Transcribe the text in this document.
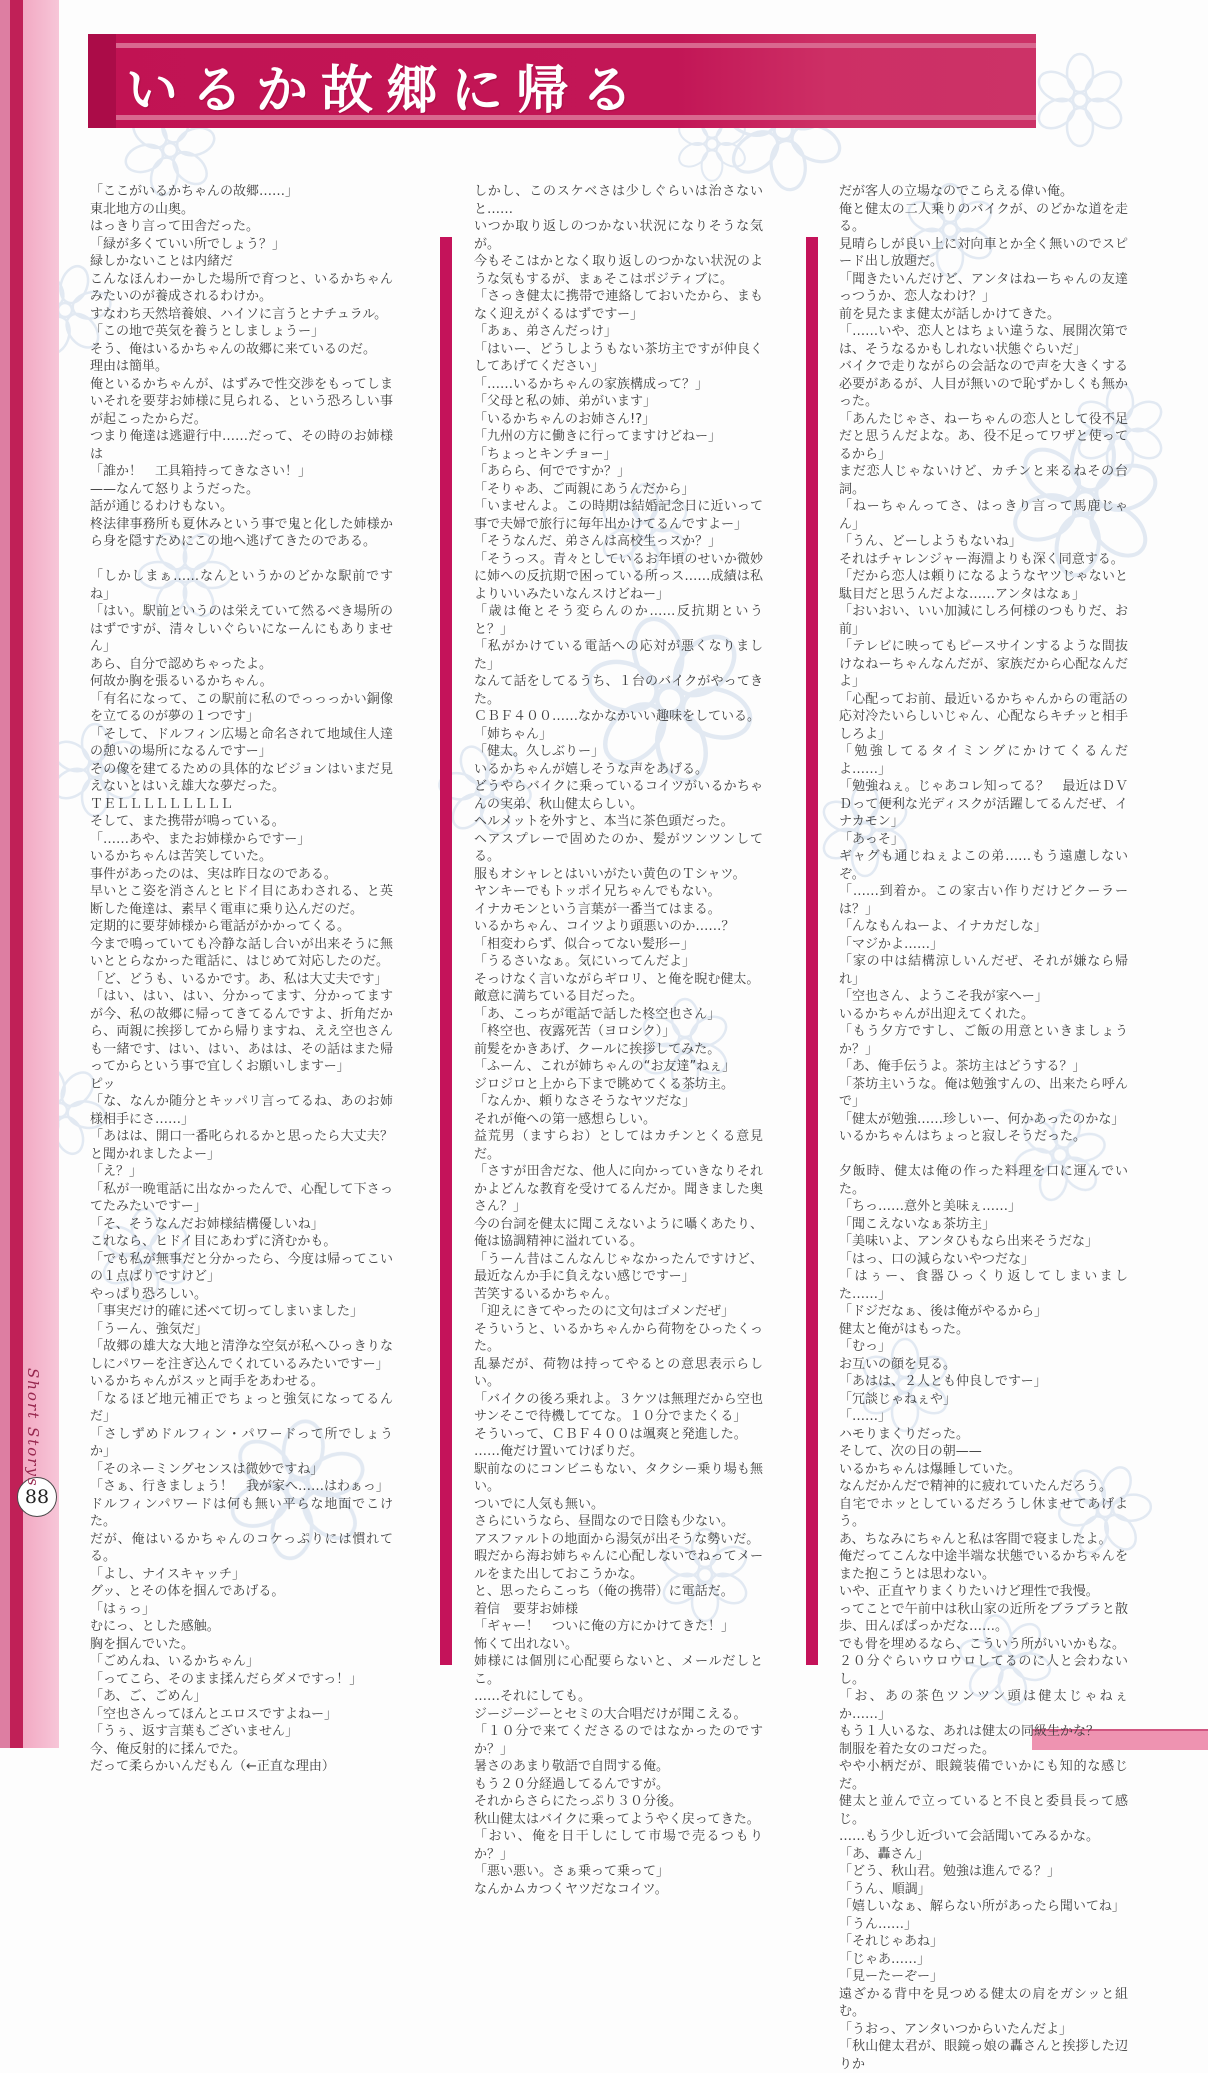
いるか故郷に帰る

「ここがいるかちゃんの故郷……」

東北地方の山奥。

はっきり言って田舎だった。

「緑が多くていい所でしょう？」

緑しかないことは内緒だ

こんなほんわーかした場所で育つと、いるかちゃんみたいのが養成されるわけか。

すなわち天然培養娘、ハイソに言うとナチュラル。

「この地で英気を養うとしましょうー」

そう、俺はいるかちゃんの故郷に来ているのだ。

理由は簡単。

俺といるかちゃんが、はずみで性交渉をもってしまいそれを要芽お姉様に見られる、という恐ろしい事が起こったからだ。

つまり俺達は逃避行中……だって、その時のお姉様は

「誰か！　工具箱持ってきなさい！」

——なんて怒りようだった。

話が通じるわけもない。

柊法律事務所も夏休みという事で鬼と化した姉様から身を隠すためにこの地へ逃げてきたのである。

「しかしまぁ……なんというかのどかな駅前ですね」

「はい。駅前というのは栄えていて然るべき場所のはずですが、清々しいぐらいになーんにもありません」

あら、自分で認めちゃったよ。

何故か胸を張るいるかちゃん。

「有名になって、この駅前に私のでっっっかい銅像を立てるのが夢の１つです」

「そして、ドルフィン広場と命名されて地域住人達の憩いの場所になるんですー」

その像を建てるための具体的なビジョンはいまだ見えないとはいえ雄大な夢だった。

ＴＥＬＬＬＬＬＬＬＬＬ

そして、また携帯が鳴っている。

「……あや、またお姉様からですー」

いるかちゃんは苦笑していた。

事件があったのは、実は昨日なのである。

早いとこ姿を消さんとヒドイ目にあわされる、と英断した俺達は、素早く電車に乗り込んだのだ。

定期的に要芽姉様から電話がかかってくる。

今まで鳴っていても冷静な話し合いが出来そうに無いととらなかった電話に、はじめて対応したのだ。

「ど、どうも、いるかです。あ、私は大丈夫です」

「はい、はい、はい、分かってます、分かってますが今、私の故郷に帰ってきてるんですよ、折角だから、両親に挨拶してから帰りますね、ええ空也さんも一緒です、はい、はい、あはは、その話はまた帰ってからという事で宜しくお願いしますー」

ピッ

「な、なんか随分とキッパリ言ってるね、あのお姉様相手にさ……」

「あはは、開口一番叱られるかと思ったら大丈夫？と聞かれましたよー」

「え？」

「私が一晩電話に出なかったんで、心配して下さってたみたいですー」

「そ、そうなんだお姉様結構優しいね」

これなら、ヒドイ目にあわずに済むかも。

「でも私が無事だと分かったら、今度は帰ってこいの１点ばりですけど」

やっぱり恐ろしい。

「事実だけ的確に述べて切ってしまいました」

「うーん、強気だ」

「故郷の雄大な大地と清浄な空気が私へひっきりなしにパワーを注ぎ込んでくれているみたいですー」

いるかちゃんがスッと両手をあわせる。

「なるほど地元補正でちょっと強気になってるんだ」

「さしずめドルフィン・パワードって所でしょうか」

「そのネーミングセンスは微妙ですね」

「さぁ、行きましょう！　我が家へ……はわぁっ」

ドルフィンパワードは何も無い平らな地面でこけた。

だが、俺はいるかちゃんのコケっぷりには慣れてる。

「よし、ナイスキャッチ」

グッ、とその体を掴んであげる。

「はぅっ」

むにっ、とした感触。

胸を掴んでいた。

「ごめんね、いるかちゃん」

「ってこら、そのまま揉んだらダメですっ！」

「あ、ご、ごめん」

「空也さんってほんとエロスですよねー」

「うぅ、返す言葉もございません」

今、俺反射的に揉んでた。

だって柔らかいんだもん（←正直な理由）

しかし、このスケベさは少しぐらいは治さないと……

いつか取り返しのつかない状況になりそうな気が。

今もそこはかとなく取り返しのつかない状況のような気もするが、まぁそこはポジティブに。

「さっき健太に携帯で連絡しておいたから、まもなく迎えがくるはずですー」

「あぁ、弟さんだっけ」

「はいー、どうしようもない茶坊主ですが仲良くしてあげてください」

「……いるかちゃんの家族構成って？」

「父母と私の姉、弟がいます」

「いるかちゃんのお姉さん!?」

「九州の方に働きに行ってますけどねー」

「ちょっとキンチョー」

「あらら、何でですか？」

「そりゃあ、ご両親にあうんだから」

「いませんよ。この時期は結婚記念日に近いって事で夫婦で旅行に毎年出かけてるんですよー」

「そうなんだ、弟さんは高校生っスか？」

「そうっス。青々としているお年頃のせいか微妙に姉への反抗期で困っている所っス……成績は私よりいいみたいなんスけどねー」

「歳は俺とそう変らんのか……反抗期というと？」

「私がかけている電話への応対が悪くなりました」

なんて話をしてるうち、１台のバイクがやってきた。

ＣＢＦ４００……なかなかいい趣味をしている。

「姉ちゃん」

「健太。久しぶりー」

いるかちゃんが嬉しそうな声をあげる。

どうやらバイクに乗っているコイツがいるかちゃんの実弟、秋山健太らしい。

ヘルメットを外すと、本当に茶色頭だった。

ヘアスプレーで固めたのか、髪がツンツンしてる。

服もオシャレとはいいがたい黄色のＴシャツ。

ヤンキーでもトッポイ兄ちゃんでもない。

イナカモンという言葉が一番当てはまる。

いるかちゃん、コイツより頭悪いのか……？

「相変わらず、似合ってない髪形ー」

「うるさいなぁ。気にいってんだよ」

そっけなく言いながらギロリ、と俺を睨む健太。

敵意に満ちている目だった。

「あ、こっちが電話で話した柊空也さん」

「柊空也、夜露死苦（ヨロシク）」

前髪をかきあげ、クールに挨拶してみた。

「ふーん、これが姉ちゃんの“お友達”ねぇ」

ジロジロと上から下まで眺めてくる茶坊主。

「なんか、頼りなさそうなヤツだな」

それが俺への第一感想らしい。

益荒男（ますらお）としてはカチンとくる意見だ。

「さすが田舎だな、他人に向かっていきなりそれかよどんな教育を受けてるんだか。聞きました奥さん？」

今の台詞を健太に聞こえないように囁くあたり、俺は協調精神に溢れている。

「うーん昔はこんなんじゃなかったんですけど、最近なんか手に負えない感じですー」

苦笑するいるかちゃん。

「迎えにきてやったのに文句はゴメンだぜ」

そういうと、いるかちゃんから荷物をひったくった。

乱暴だが、荷物は持ってやるとの意思表示らしい。

「バイクの後ろ乗れよ。３ケツは無理だから空也サンそこで待機しててな。１０分でまたくる」

そういって、ＣＢＦ４００は颯爽と発進した。

……俺だけ置いてけぼりだ。

駅前なのにコンビニもない、タクシー乗り場も無い。

ついでに人気も無い。

さらにいうなら、昼間なので日陰も少ない。

アスファルトの地面から湯気が出そうな勢いだ。

暇だから海お姉ちゃんに心配しないでねってメールをまた出しておこうかな。

と、思ったらこっち（俺の携帯）に電話だ。

着信　要芽お姉様

「ギャー！　ついに俺の方にかけてきた！」

怖くて出れない。

姉様には個別に心配要らないと、メールだしとこ。

……それにしても。

ジージージーとセミの大合唱だけが聞こえる。

「１０分で来てくださるのではなかったのですか？」

暑さのあまり敬語で自問する俺。

もう２０分経過してるんですが。

それからさらにたっぷり３０分後。

秋山健太はバイクに乗ってようやく戻ってきた。

「おい、俺を日干しにして市場で売るつもりか？」

「悪い悪い。さぁ乗って乗って」

なんかムカつくヤツだなコイツ。

だが客人の立場なのでこらえる偉い俺。

俺と健太の二人乗りのバイクが、のどかな道を走る。

見晴らしが良い上に対向車とか全く無いのでスピード出し放題だ。

「聞きたいんだけど、アンタはねーちゃんの友達っつうか、恋人なわけ？」

前を見たまま健太が話しかけてきた。

「……いや、恋人とはちょい違うな、展開次第では、そうなるかもしれない状態ぐらいだ」

バイクで走りながらの会話なので声を大きくする必要があるが、人目が無いので恥ずかしくも無かった。

「あんたじゃさ、ねーちゃんの恋人として役不足だと思うんだよな。あ、役不足ってワザと使ってるから」

まだ恋人じゃないけど、カチンと来るねその台詞。

「ねーちゃんってさ、はっきり言って馬鹿じゃん」

「うん、どーしようもないね」

それはチャレンジャー海淵よりも深く同意する。

「だから恋人は頼りになるようなヤツじゃないと駄目だと思うんだよな……アンタはなぁ」

「おいおい、いい加減にしろ何様のつもりだ、お前」

「テレビに映ってもピースサインするような間抜けなねーちゃんなんだが、家族だから心配なんだよ」

「心配ってお前、最近いるかちゃんからの電話の応対冷たいらしいじゃん、心配ならキチッと相手しろよ」

「勉強してるタイミングにかけてくるんだよ……」

「勉強ねぇ。じゃあコレ知ってる？　最近はＤＶＤって便利な光ディスクが活躍してるんだぜ、イナカモン」

「あっそ」

ギャグも通じねぇよこの弟……もう遠慮しないぞ。

「……到着か。この家古い作りだけどクーラーは？」

「んなもんねーよ、イナカだしな」

「マジかよ……」

「家の中は結構涼しいんだぜ、それが嫌なら帰れ」

「空也さん、ようこそ我が家へー」

いるかちゃんが出迎えてくれた。

「もう夕方ですし、ご飯の用意といきましょうか？」

「あ、俺手伝うよ。茶坊主はどうする？」

「茶坊主いうな。俺は勉強すんの、出来たら呼んで」

「健太が勉強……珍しいー、何かあったのかな」

いるかちゃんはちょっと寂しそうだった。

夕飯時、健太は俺の作った料理を口に運んでいた。

「ちっ……意外と美味ぇ……」

「聞こえないなぁ茶坊主」

「美味いよ、アンタひもなら出来そうだな」

「はっ、口の減らないやつだな」

「はぅー、食器ひっくり返してしまいました……」

「ドジだなぁ、後は俺がやるから」

健太と俺がはもった。

「むっ」

お互いの顔を見る。

「あはは、２人とも仲良しですー」

「冗談じゃねぇや」

「……」

ハモりまくりだった。

そして、次の日の朝——

いるかちゃんは爆睡していた。

なんだかんだで精神的に疲れていたんだろう。

自宅でホッとしているだろうし休ませてあげよう。

あ、ちなみにちゃんと私は客間で寝ましたよ。

俺だってこんな中途半端な状態でいるかちゃんをまた抱こうとは思わない。

いや、正直ヤりまくりたいけど理性で我慢。

ってことで午前中は秋山家の近所をブラブラと散歩、田んぼばっかだな……。

でも骨を埋めるなら、こういう所がいいかもな。

２０分ぐらいウロウロしてるのに人と会わないし。

「お、あの茶色ツンツン頭は健太じゃねぇか……」

もう１人いるな、あれは健太の同級生かな？

制服を着た女のコだった。

やや小柄だが、眼鏡装備でいかにも知的な感じだ。

健太と並んで立っていると不良と委員長って感じ。

……もう少し近づいて会話聞いてみるかな。

「あ、轟さん」

「どう、秋山君。勉強は進んでる？」

「うん、順調」

「嬉しいなぁ、解らない所があったら聞いてね」

「うん……」

「それじゃあね」

「じゃあ……」

「見ーたーぞー」

遠ざかる背中を見つめる健太の肩をガシッと組む。

「うおっ、アンタいつからいたんだよ」

「秋山健太君が、眼鏡っ娘の轟さんと挨拶した辺りか

88
Short Storys
